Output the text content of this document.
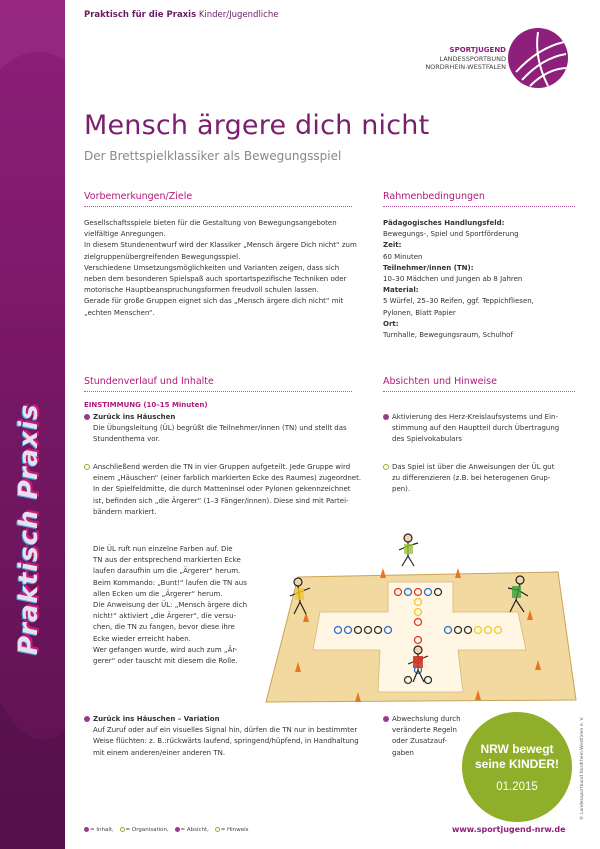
Praktisch Praxis
Praktisch für die Praxis Kinder/Jugendliche
SPORTJUGEND
LANDESSPORTBUND
NORDRHEIN-WESTFALEN
Mensch ärgere dich nicht
Der Brettspielklassiker als Bewegungsspiel
Vorbemerkungen/Ziele
Gesellschaftsspiele bieten für die Gestaltung von Bewegungsangeboten
vielfältige Anregungen.
In diesem Stundenentwurf wird der Klassiker „Mensch ärgere Dich nicht“ zum
zielgruppenübergreifenden Bewegungsspiel.
Verschiedene Umsetzungsmöglichkeiten und Varianten zeigen, dass sich
neben dem besonderen Spielspaß auch sportartspezifische Techniken oder
motorische Hauptbeanspruchungsformen freudvoll schulen lassen.
Gerade für große Gruppen eignet sich das „Mensch ärgere dich nicht“ mit
„echten Menschen“.
Rahmenbedingungen
Pädagogisches Handlungsfeld:
Bewegungs-, Spiel und Sportförderung
Zeit:
60 Minuten
Teilnehmer/innen (TN):
10–30 Mädchen und Jungen ab 8 Jahren
Material:
5 Würfel, 25–30 Reifen, ggf. Teppichfliesen,
Pylonen, Blatt Papier
Ort:
Turnhalle, Bewegungsraum, Schulhof
Stundenverlauf und Inhalte
EINSTIMMUNG (10–15 Minuten)
Zurück ins Häuschen
Die Übungsleitung (ÜL) begrüßt die Teilnehmer/innen (TN) und stellt das
Stundenthema vor.
Anschließend werden die TN in vier Gruppen aufgeteilt. Jede Gruppe wird
einem „Häuschen“ (einer farblich markierten Ecke des Raumes) zugeordnet.
In der Spielfeldmitte, die durch Matteninsel oder Pylonen gekennzeichnet
ist, befinden sich „die Ärgerer“ (1–3 Fänger/innen). Diese sind mit Partei-
bändern markiert.
Die ÜL ruft nun einzelne Farben auf. Die
TN aus der entsprechend markierten Ecke
laufen daraufhin um die „Ärgerer“ herum.
Beim Kommando: „Bunt!“ laufen die TN aus
allen Ecken um die „Ärgerer“ herum.
Die Anweisung der ÜL: „Mensch ärgere dich
nicht!“ aktiviert „die Ärgerer“, die versu-
chen, die TN zu fangen, bevor diese ihre
Ecke wieder erreicht haben.
Wer gefangen wurde, wird auch zum „Är-
gerer“ oder tauscht mit diesem die Rolle.
Zurück ins Häuschen – Variation
Auf Zuruf oder auf ein visuelles Signal hin, dürfen die TN nur in bestimmter
Weise flüchten: z. B.:rückwärts laufend, springend/hüpfend, in Handhaltung
mit einem anderen/einer anderen TN.
Absichten und Hinweise
Aktivierung des Herz-Kreislaufsystems und Ein-
stimmung auf den Hauptteil durch Übertragung
des Spielvokabulars
Das Spiel ist über die Anweisungen der ÜL gut
zu differenzieren (z.B. bei heterogenen Grup-
pen).
Abwechslung durch
veränderte Regeln
oder Zusatzauf-
gaben	NRW bewegt
seine KINDER!
01.2015
= Inhalt, = Organisation, = Absicht, = Hinweis	www.sportjugend-nrw.de
© Landessportbund Nordrhein-Westfalen e. V.
